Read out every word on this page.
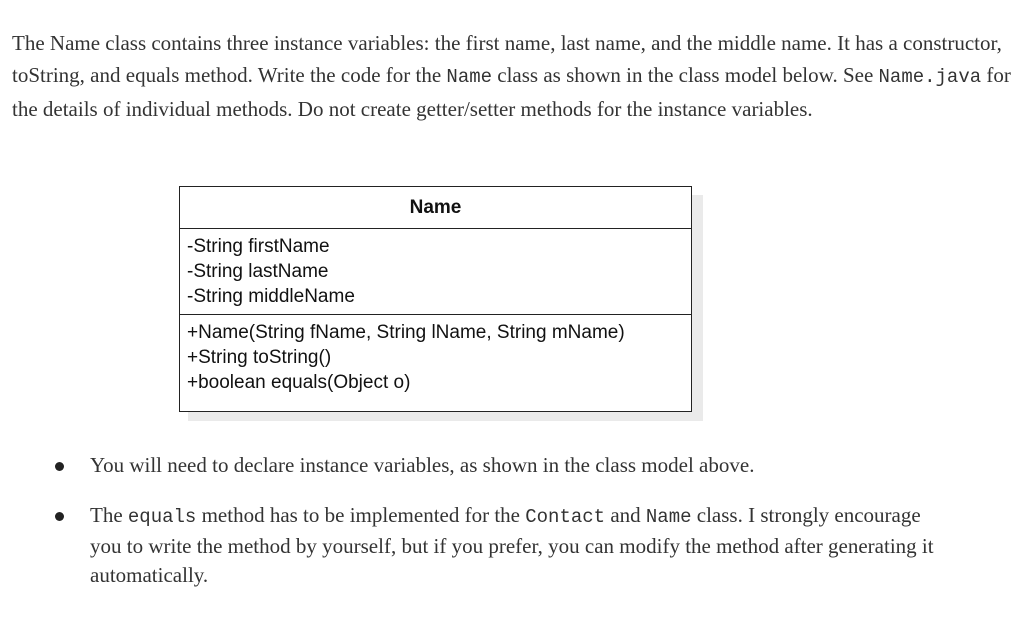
The Name class contains three instance variables: the first name, last name, and the middle name. It has a constructor, toString, and equals method. Write the code for the Name class as shown in the class model below. See Name.java for the details of individual methods. Do not create getter/setter methods for the instance variables.

Name
-String firstName
-String lastName
-String middleName
+Name(String fName, String lName, String mName)
+String toString()
+boolean equals(Object o)
You will need to declare instance variables, as shown in the class model above.
The equals method has to be implemented for the Contact and Name class. I strongly encourage you to write the method by yourself, but if you prefer, you can modify the method after generating it automatically.
